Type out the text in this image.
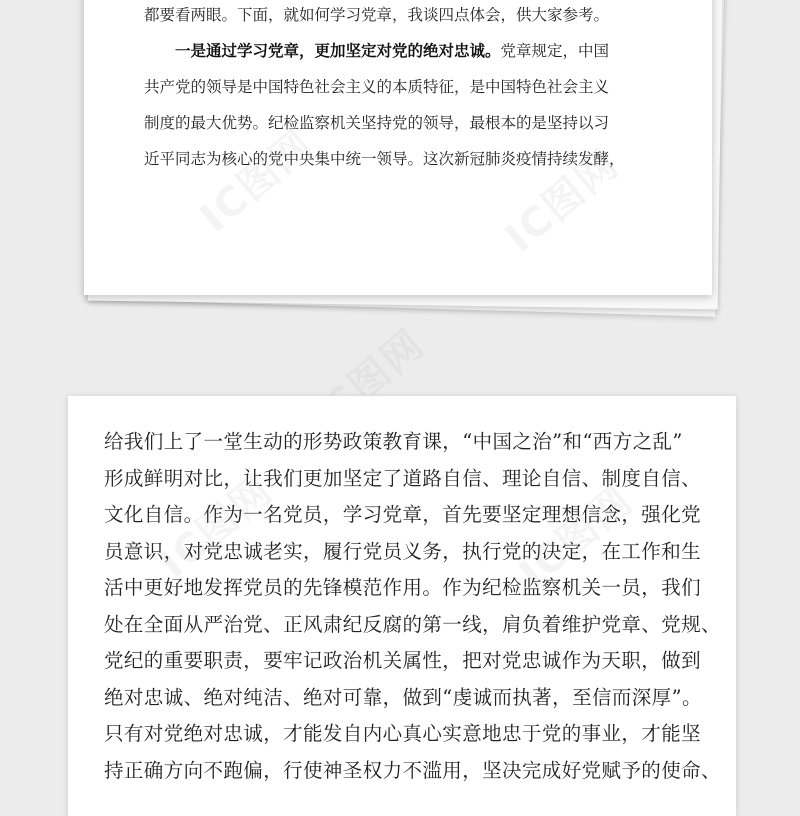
都要看两眼。下面，就如何学习党章，我谈四点体会，供大家参考。
一是通过学习党章，更加坚定对党的绝对忠诚。党章规定，中国
共产党的领导是中国特色社会主义的本质特征，是中国特色社会主义
制度的最大优势。纪检监察机关坚持党的领导，最根本的是坚持以习
近平同志为核心的党中央集中统一领导。这次新冠肺炎疫情持续发酵，
IC图网	IC图网
IC图网
给我们上了一堂生动的形势政策教育课，“中国之治”和“西方之乱”
形成鲜明对比，让我们更加坚定了道路自信、理论自信、制度自信、
文化自信。作为一名党员，学习党章，首先要坚定理想信念，强化党
员意识，对党忠诚老实，履行党员义务，执行党的决定，在工作和生
活中更好地发挥党员的先锋模范作用。作为纪检监察机关一员，我们
处在全面从严治党、正风肃纪反腐的第一线，肩负着维护党章、党规、
党纪的重要职责，要牢记政治机关属性，把对党忠诚作为天职，做到
绝对忠诚、绝对纯洁、绝对可靠，做到“虔诚而执著，至信而深厚”。
只有对党绝对忠诚，才能发自内心真心实意地忠于党的事业，才能坚
持正确方向不跑偏，行使神圣权力不滥用，坚决完成好党赋予的使命、
IC图网	IC图网
